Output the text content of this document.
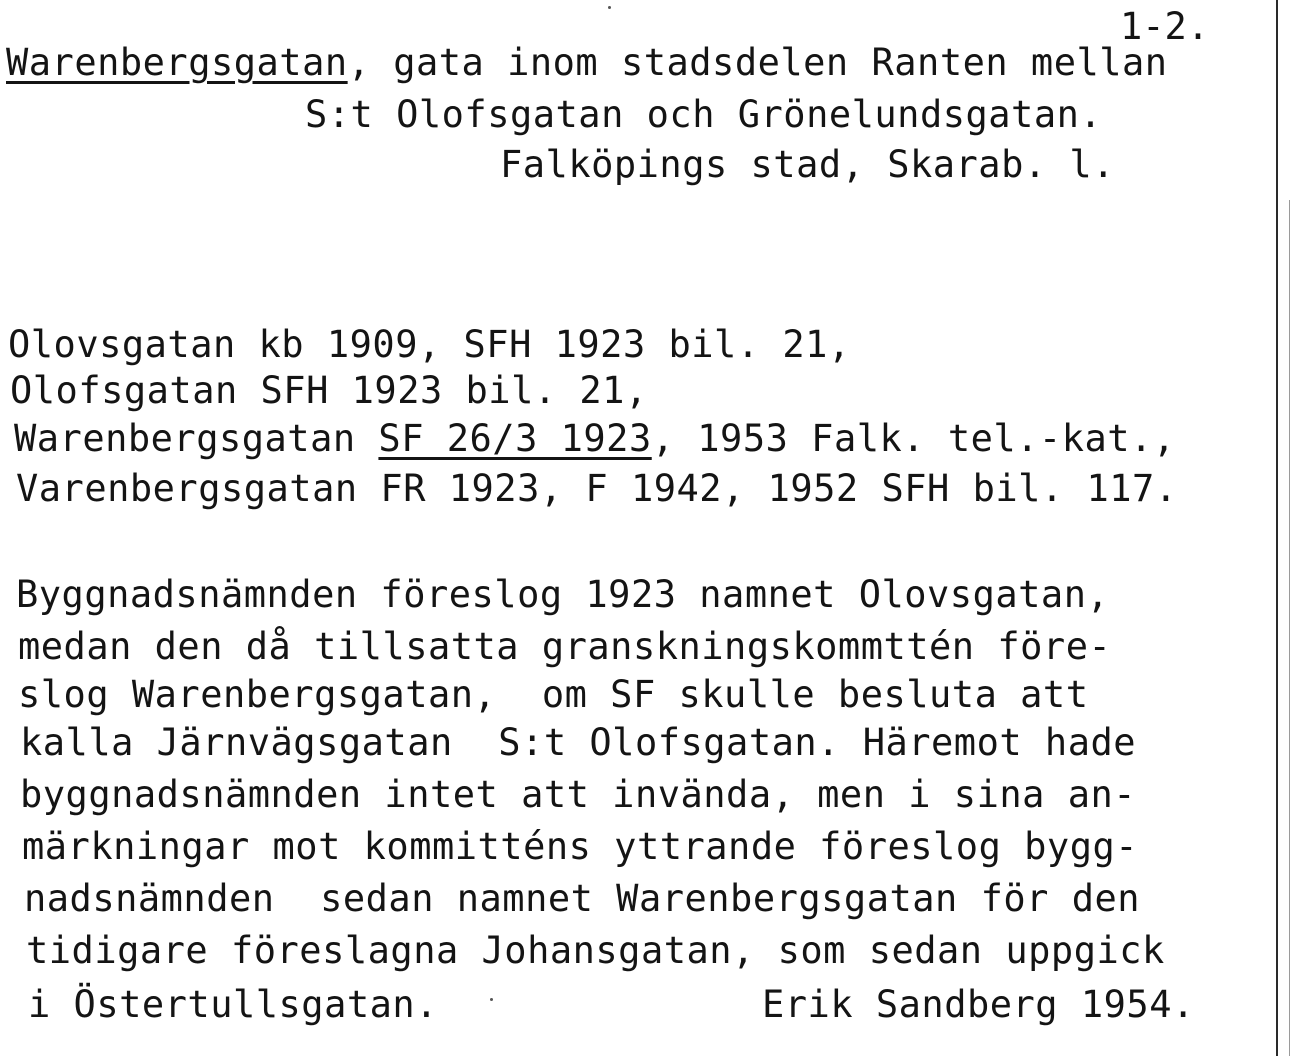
1-2.
Warenbergsgatan, gata inom stadsdelen Ranten mellan
S:t Olofsgatan och Grönelundsgatan.
Falköpings stad, Skarab. l.
Olovsgatan kb 1909, SFH 1923 bil. 21,
Olofsgatan SFH 1923 bil. 21,
Warenbergsgatan SF 26/3 1923, 1953 Falk. tel.-kat.,
Varenbergsgatan FR 1923, F 1942, 1952 SFH bil. 117.
Byggnadsnämnden föreslog 1923 namnet Olovsgatan,
medan den då tillsatta granskningskommttén före-
slog Warenbergsgatan,  om SF skulle besluta att
kalla Järnvägsgatan  S:t Olofsgatan. Häremot hade
byggnadsnämnden intet att invända, men i sina an-
märkningar mot kommitténs yttrande föreslog bygg-
nadsnämnden  sedan namnet Warenbergsgatan för den
tidigare föreslagna Johansgatan, som sedan uppgick
i Östertullsgatan.	Erik Sandberg 1954.
